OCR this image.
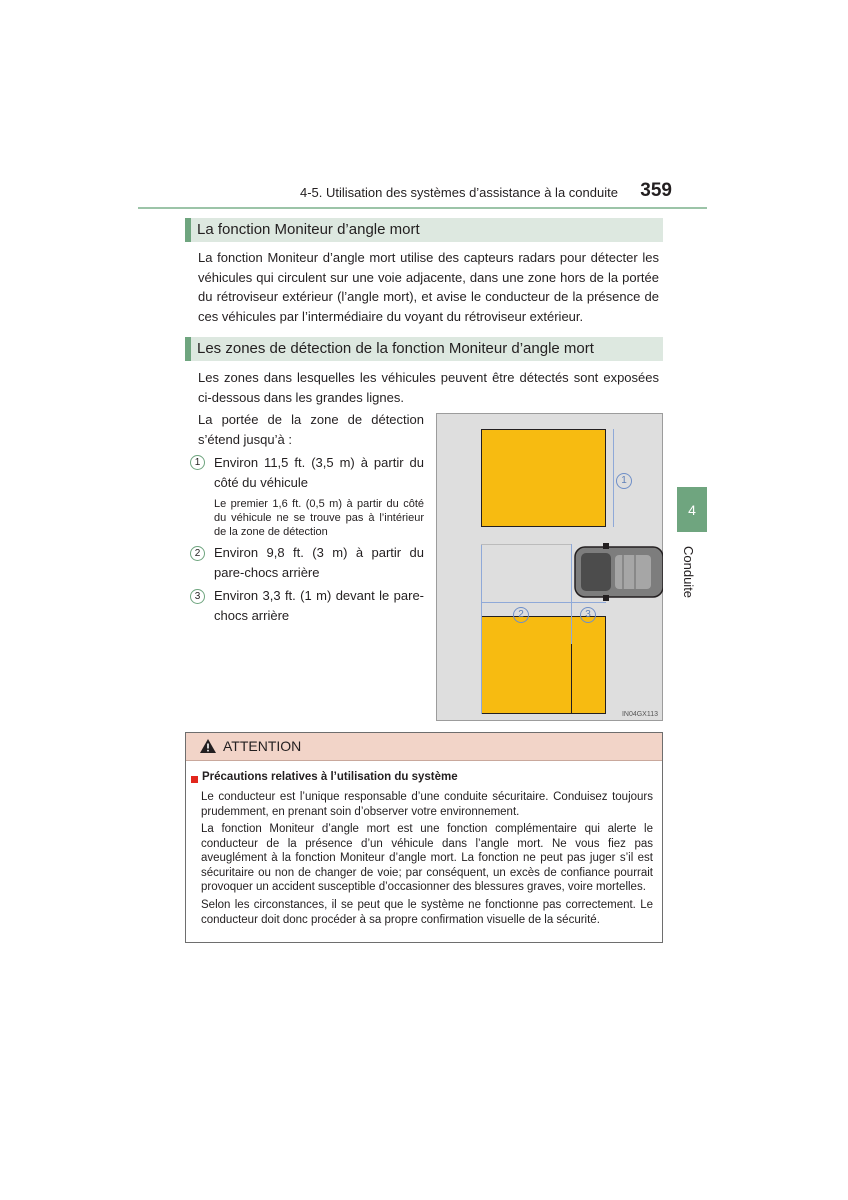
4-5. Utilisation des systèmes d’assistance à la conduite	359
4
Conduite
La fonction Moniteur d’angle mort

La fonction Moniteur d’angle mort utilise des capteurs radars pour détecter les véhicules qui circulent sur une voie adjacente, dans une zone hors de la portée du rétroviseur extérieur (l’angle mort), et avise le conducteur de la présence de ces véhicules par l’intermédiaire du voyant du rétroviseur extérieur.

Les zones de détection de la fonction Moniteur d’angle mort

Les zones dans lesquelles les véhicules peuvent être détectés sont exposées ci-dessous dans les grandes lignes.

La portée de la zone de détection s’étend jusqu’à :

1	Environ 11,5 ft. (3,5 m) à partir du côté du véhicule

Le premier 1,6 ft. (0,5 m) à partir du côté du véhicule ne se trouve pas à l’intérieur de la zone de détection

2	Environ 9,8 ft. (3 m) à partir du pare-chocs arrière

3	Environ 3,3 ft. (1 m) devant le pare-chocs arrière

1
2	3
IN04GX113
ATTENTION
Précautions relatives à l’utilisation du système

Le conducteur est l’unique responsable d’une conduite sécuritaire. Conduisez toujours prudemment, en prenant soin d’observer votre environnement.

La fonction Moniteur d’angle mort est une fonction complémentaire qui alerte le conducteur de la présence d’un véhicule dans l’angle mort. Ne vous fiez pas aveuglément à la fonction Moniteur d’angle mort. La fonction ne peut pas juger s’il est sécuritaire ou non de changer de voie; par conséquent, un excès de confiance pourrait provoquer un accident susceptible d’occasionner des blessures graves, voire mortelles.

Selon les circonstances, il se peut que le système ne fonctionne pas correctement. Le conducteur doit donc procéder à sa propre confirmation visuelle de la sécurité.
